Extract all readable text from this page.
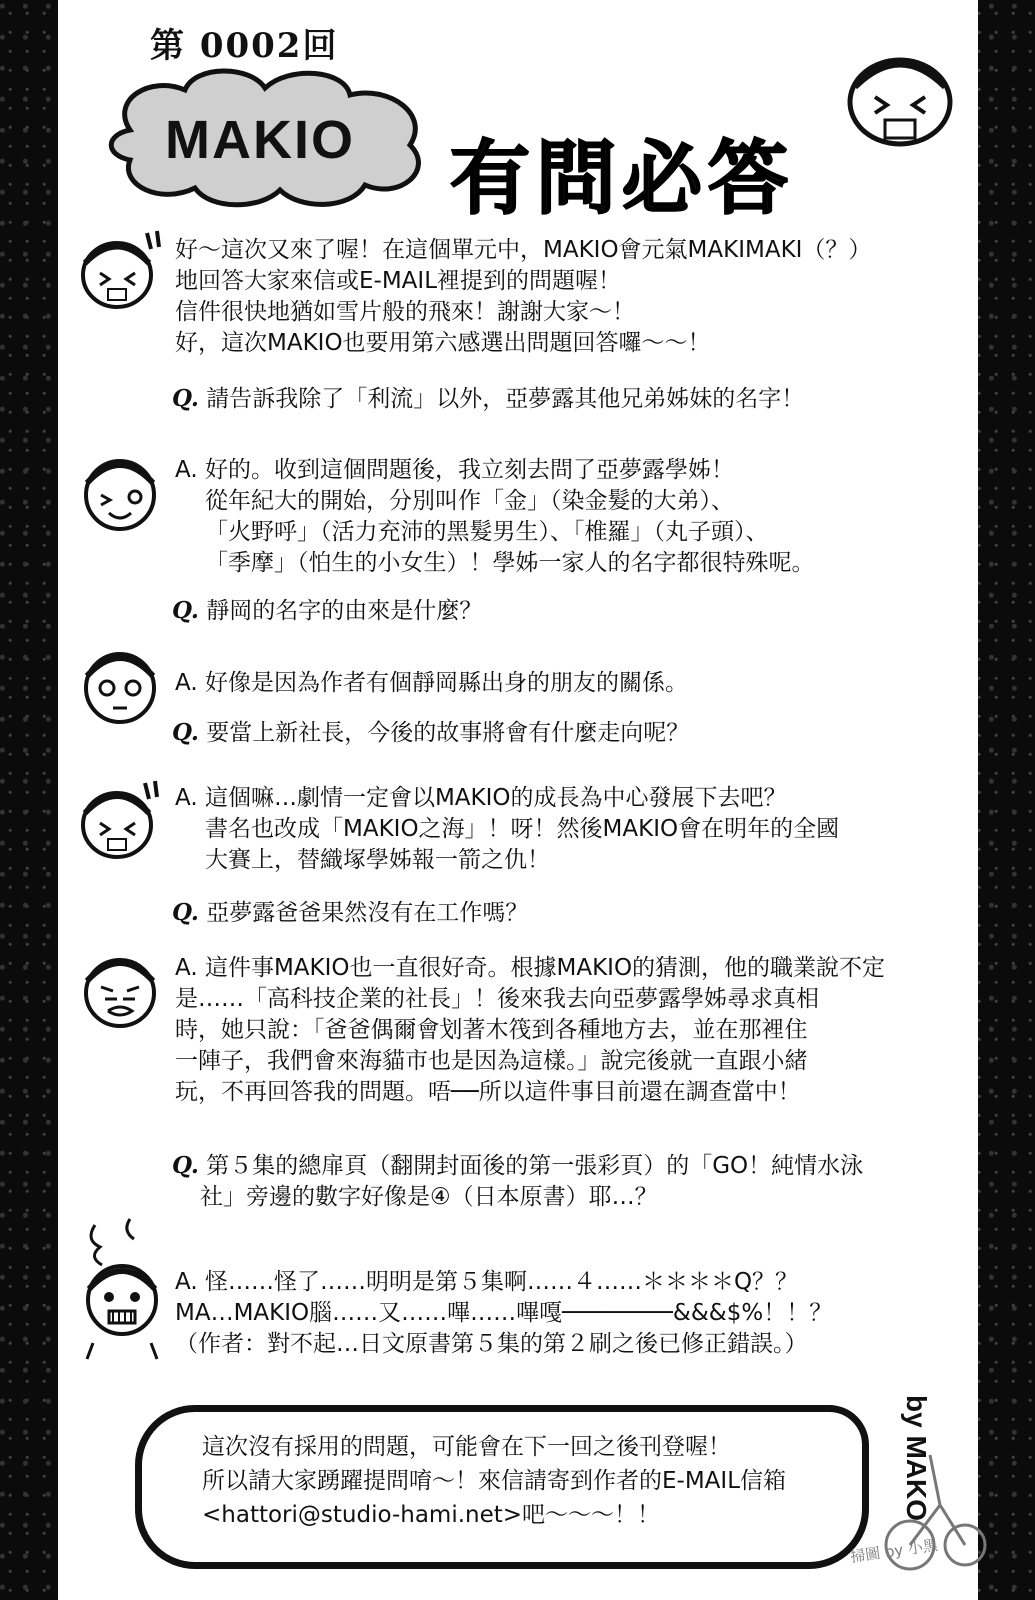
第 0002回
MAKIO 有問必答
好～這次又來了喔！在這個單元中，MAKIO會元氣MAKIMAKI（？）
地回答大家來信或E-MAIL裡提到的問題喔！
信件很快地猶如雪片般的飛來！謝謝大家～！
好，這次MAKIO也要用第六感選出問題回答囉～～！
Q. 請告訴我除了「利流」以外，亞夢露其他兄弟姊妹的名字！
A. 好的。收到這個問題後，我立刻去問了亞夢露學姊！
從年紀大的開始，分別叫作「金」（染金髮的大弟）、
「火野呼」（活力充沛的黑髮男生）、「椎羅」（丸子頭）、
「季摩」（怕生的小女生）！學姊一家人的名字都很特殊呢。
Q. 靜岡的名字的由來是什麼？
A. 好像是因為作者有個靜岡縣出身的朋友的關係。
Q. 要當上新社長，今後的故事將會有什麼走向呢？
A. 這個嘛…劇情一定會以MAKIO的成長為中心發展下去吧？
書名也改成「MAKIO之海」！呀！然後MAKIO會在明年的全國
大賽上，替織塚學姊報一箭之仇！
Q. 亞夢露爸爸果然沒有在工作嗎？
A. 這件事MAKIO也一直很好奇。根據MAKIO的猜測，他的職業說不定
是……「高科技企業的社長」！後來我去向亞夢露學姊尋求真相
時，她只說：「爸爸偶爾會划著木筏到各種地方去，並在那裡住
一陣子，我們會來海貓市也是因為這樣。」說完後就一直跟小緒
玩，不再回答我的問題。唔──所以這件事目前還在調查當中！
Q. 第５集的總扉頁（翻開封面後的第一張彩頁）的「GO！純情水泳
社」旁邊的數字好像是④（日本原書）耶…？
A. 怪……怪了……明明是第５集啊……４……＊＊＊＊Q？？
MA…MAKIO腦……又……嗶……嗶嘎────────&&&$%！！？
（作者：對不起…日文原書第５集的第２刷之後已修正錯誤。）
這次沒有採用的問題，可能會在下一回之後刊登喔！
所以請大家踴躍提問唷～！來信請寄到作者的E-MAIL信箱
<hattori@studio-hami.net>吧～～～！！	by MAKO
掃圖 by 小黑
